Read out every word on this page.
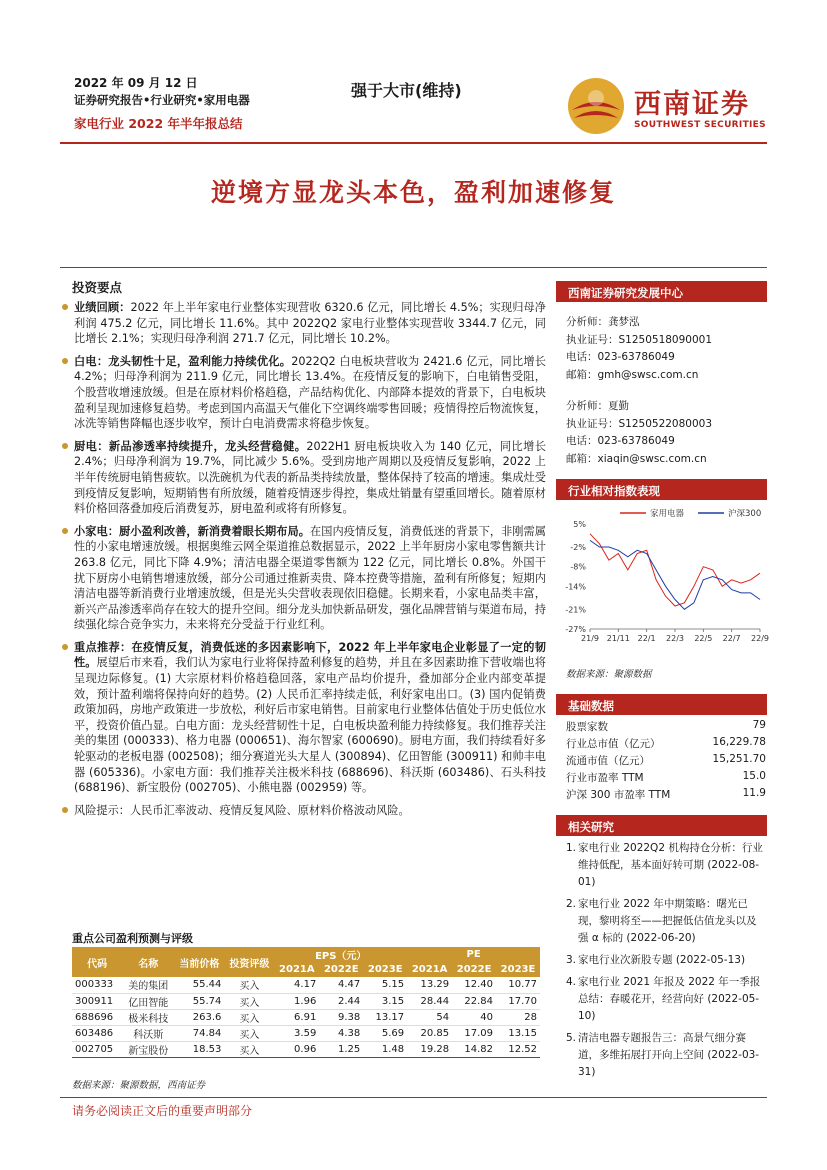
2022 年 09 月 12 日
证券研究报告•行业研究•家用电器
家电行业 2022 年半年报总结
强于大市(维持)	西南证券
SOUTHWEST SECURITIES
逆境方显龙头本色，盈利加速修复
投资要点
业绩回顾：2022 年上半年家电行业整体实现营收 6320.6 亿元，同比增长 4.5%；实现归母净利润 475.2 亿元，同比增长 11.6%。其中 2022Q2 家电行业整体实现营收 3344.7 亿元，同比增长 2.1%；实现归母净利润 271.7 亿元，同比增长 10.2%。
白电：龙头韧性十足，盈利能力持续优化。2022Q2 白电板块营收为 2421.6 亿元，同比增长 4.2%；归母净利润为 211.9 亿元，同比增长 13.4%。在疫情反复的影响下，白电销售受阻，个股营收增速放缓。但是在原材料价格趋稳，产品结构优化、内部降本提效的背景下，白电板块盈利呈现加速修复趋势。考虑到国内高温天气催化下空调终端零售回暖；疫情得控后物流恢复，冰洗等销售降幅也逐步收窄，预计白电消费需求将稳步恢复。
厨电：新品渗透率持续提升，龙头经营稳健。2022H1 厨电板块收入为 140 亿元，同比增长 2.4%；归母净利润为 19.7%，同比减少 5.6%。受到房地产周期以及疫情反复影响，2022 上半年传统厨电销售疲软。以洗碗机为代表的新品类持续放量，整体保持了较高的增速。集成灶受到疫情反复影响，短期销售有所放缓，随着疫情逐步得控，集成灶销量有望重回增长。随着原材料价格回落叠加疫后消费复苏，厨电盈利或将有所修复。
小家电：厨小盈利改善，新消费着眼长期布局。在国内疫情反复，消费低迷的背景下，非刚需属性的小家电增速放缓。根据奥维云网全渠道推总数据显示，2022 上半年厨房小家电零售额共计 263.8 亿元，同比下降 4.9%；清洁电器全渠道零售额为 122 亿元，同比增长 0.8%。外国干扰下厨房小电销售增速放缓，部分公司通过推新卖贵、降本控费等措施，盈利有所修复；短期内清洁电器等新消费行业增速放缓，但是光头尖营收表现依旧稳健。长期来看，小家电品类丰富，新兴产品渗透率尚存在较大的提升空间。细分龙头加快新品研发，强化品牌营销与渠道布局，持续强化综合竞争实力，未来将充分受益于行业红利。
重点推荐：在疫情反复，消费低迷的多因素影响下，2022 年上半年家电企业彰显了一定的韧性。展望后市来看，我们认为家电行业将保持盈利修复的趋势，并且在多因素助推下营收端也将呈现边际修复。(1) 大宗原材料价格趋稳回落，家电产品均价提升，叠加部分企业内部变革提效，预计盈利端将保持向好的趋势。(2) 人民币汇率持续走低，利好家电出口。(3) 国内促销费政策加码，房地产政策进一步放松，利好后市家电销售。目前家电行业整体估值处于历史低位水平，投资价值凸显。白电方面：龙头经营韧性十足，白电板块盈利能力持续修复。我们推荐关注美的集团 (000333)、格力电器 (000651)、海尔智家 (600690)。厨电方面，我们持续看好多轮驱动的老板电器 (002508)；细分赛道光头大星人 (300894)、亿田智能 (300911) 和帅丰电器 (605336)。小家电方面：我们推荐关注极米科技 (688696)、科沃斯 (603486)、石头科技 (688196)、新宝股份 (002705)、小熊电器 (002959) 等。
风险提示：人民币汇率波动、疫情反复风险、原材料价格波动风险。
重点公司盈利预测与评级
代码	名称	当前价格	投资评级	EPS（元）			PE		
				2021A	2022E	2023E	2021A	2022E	2023E
000333	美的集团	55.44	买入	4.17	4.47	5.15	13.29	12.40	10.77
300911	亿田智能	55.74	买入	1.96	2.44	3.15	28.44	22.84	17.70
688696	极米科技	263.6	买入	6.91	9.38	13.17	54	40	28
603486	科沃斯	74.84	买入	3.59	4.38	5.69	20.85	17.09	13.15
002705	新宝股份	18.53	买入	0.96	1.25	1.48	19.28	14.82	12.52
数据来源：聚源数据，西南证券
请务必阅读正文后的重要声明部分
西南证券研究发展中心
分析师：龚梦泓
执业证号：S1250518090001
电话：023-63786049
邮箱：gmh@swsc.com.cn
分析师：夏勤
执业证号：S1250522080003
电话：023-63786049
邮箱：xiaqin@swsc.com.cn
行业相对指数表现
家用电器	沪深300
5%
-2%
-8%
-14%
-21%
-27%
21/9 21/11 22/1 22/3 22/5 22/7 22/9
数据来源：聚源数据
基础数据
股票家数	79
行业总市值（亿元）	16,229.78
流通市值（亿元）	15,251.70
行业市盈率 TTM	15.0
沪深 300 市盈率 TTM	11.9
相关研究
1. 家电行业 2022Q2 机构持仓分析：行业维持低配，基本面好转可期 (2022-08-01)
2. 家电行业 2022 年中期策略：曙光已现，黎明将至——把握低估值龙头以及强 α 标的 (2022-06-20)
3. 家电行业次新股专题 (2022-05-13)
4. 家电行业 2021 年报及 2022 年一季报总结：春暖花开，经营向好 (2022-05-10)
5. 清洁电器专题报告三：高景气细分赛道，多维拓展打开向上空间 (2022-03-31)
